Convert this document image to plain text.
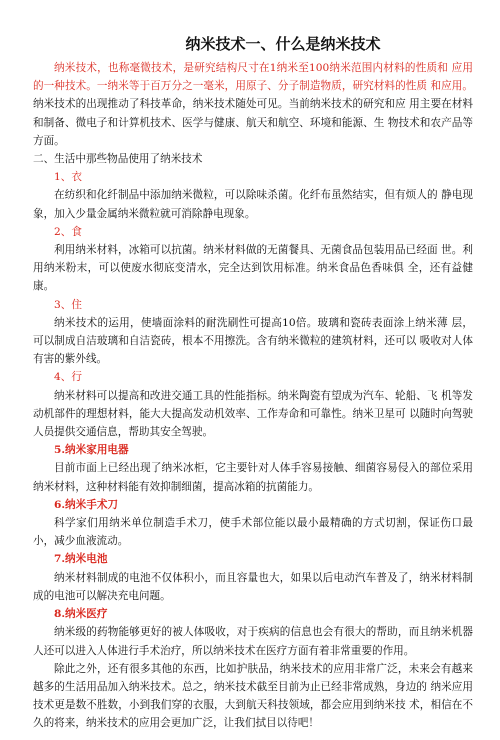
纳米技术一、什么是纳米技术

纳米技术，也称毫微技术，是研究结构尺寸在1纳米至100纳米范围内材料的性质和 应用的一种技术。一纳米等于百万分之一毫米，用原子、分子制造物质，研究材料的性质 和应用。纳米技术的出现推动了科技革命，纳米技术随处可见。当前纳米技术的研究和应 用主要在材料和制备、微电子和计算机技术、医学与健康、航天和航空、环境和能源、生 物技术和农产品等方面。

二、生活中那些物品使用了纳米技术
1、衣

在纺织和化纤制品中添加纳米微粒，可以除味杀菌。化纤布虽然结实，但有烦人的 静电现象，加入少量金属纳米微粒就可消除静电现象。

2、食

利用纳米材料，冰箱可以抗菌。纳米材料做的无菌餐具、无菌食品包装用品已经面 世。利用纳米粉末，可以使废水彻底变清水，完全达到饮用标准。纳米食品色香味俱 全，还有益健康。

3、住

纳米技术的运用，使墙面涂料的耐洗刷性可提高10倍。玻璃和瓷砖表面涂上纳米薄 层，可以制成自洁玻璃和自洁瓷砖，根本不用擦洗。含有纳米微粒的建筑材料，还可以 吸收对人体有害的紫外线。

4、行

纳米材料可以提高和改进交通工具的性能指标。纳米陶瓷有望成为汽车、轮船、飞 机等发动机部件的理想材料，能大大提高发动机效率、工作寿命和可靠性。纳米卫星可 以随时向驾驶人员提供交通信息，帮助其安全驾驶。

5.纳米家用电器

目前市面上已经出现了纳米冰柜，它主要针对人体手容易接触、细菌容易侵入的部位采用纳米材料，这种材料能有效抑制细菌，提高冰箱的抗菌能力。

6.纳米手术刀

科学家们用纳米单位制造手术刀，使手术部位能以最小最精确的方式切割，保证伤口最小，减少血液流动。

7.纳米电池

纳米材料制成的电池不仅体积小，而且容量也大，如果以后电动汽车普及了，纳米材料制成的电池可以解决充电问题。

8.纳米医疗

纳米级的药物能够更好的被人体吸收，对于疾病的信息也会有很大的帮助，而且纳米机器人还可以进入人体进行手术治疗，所以纳米技术在医疗方面有着非常重要的作用。

除此之外，还有很多其他的东西，比如护肤品，纳米技术的应用非常广泛，未来会有越来越多的生活用品加入纳米技术。总之，纳米技术截至目前为止已经非常成熟，身边的 纳米应用技术更是数不胜数，小到我们穿的衣服，大到航天科技领域，都会应用到纳米技 术，相信在不久的将来，纳米技术的应用会更加广泛，让我们拭目以待吧！
